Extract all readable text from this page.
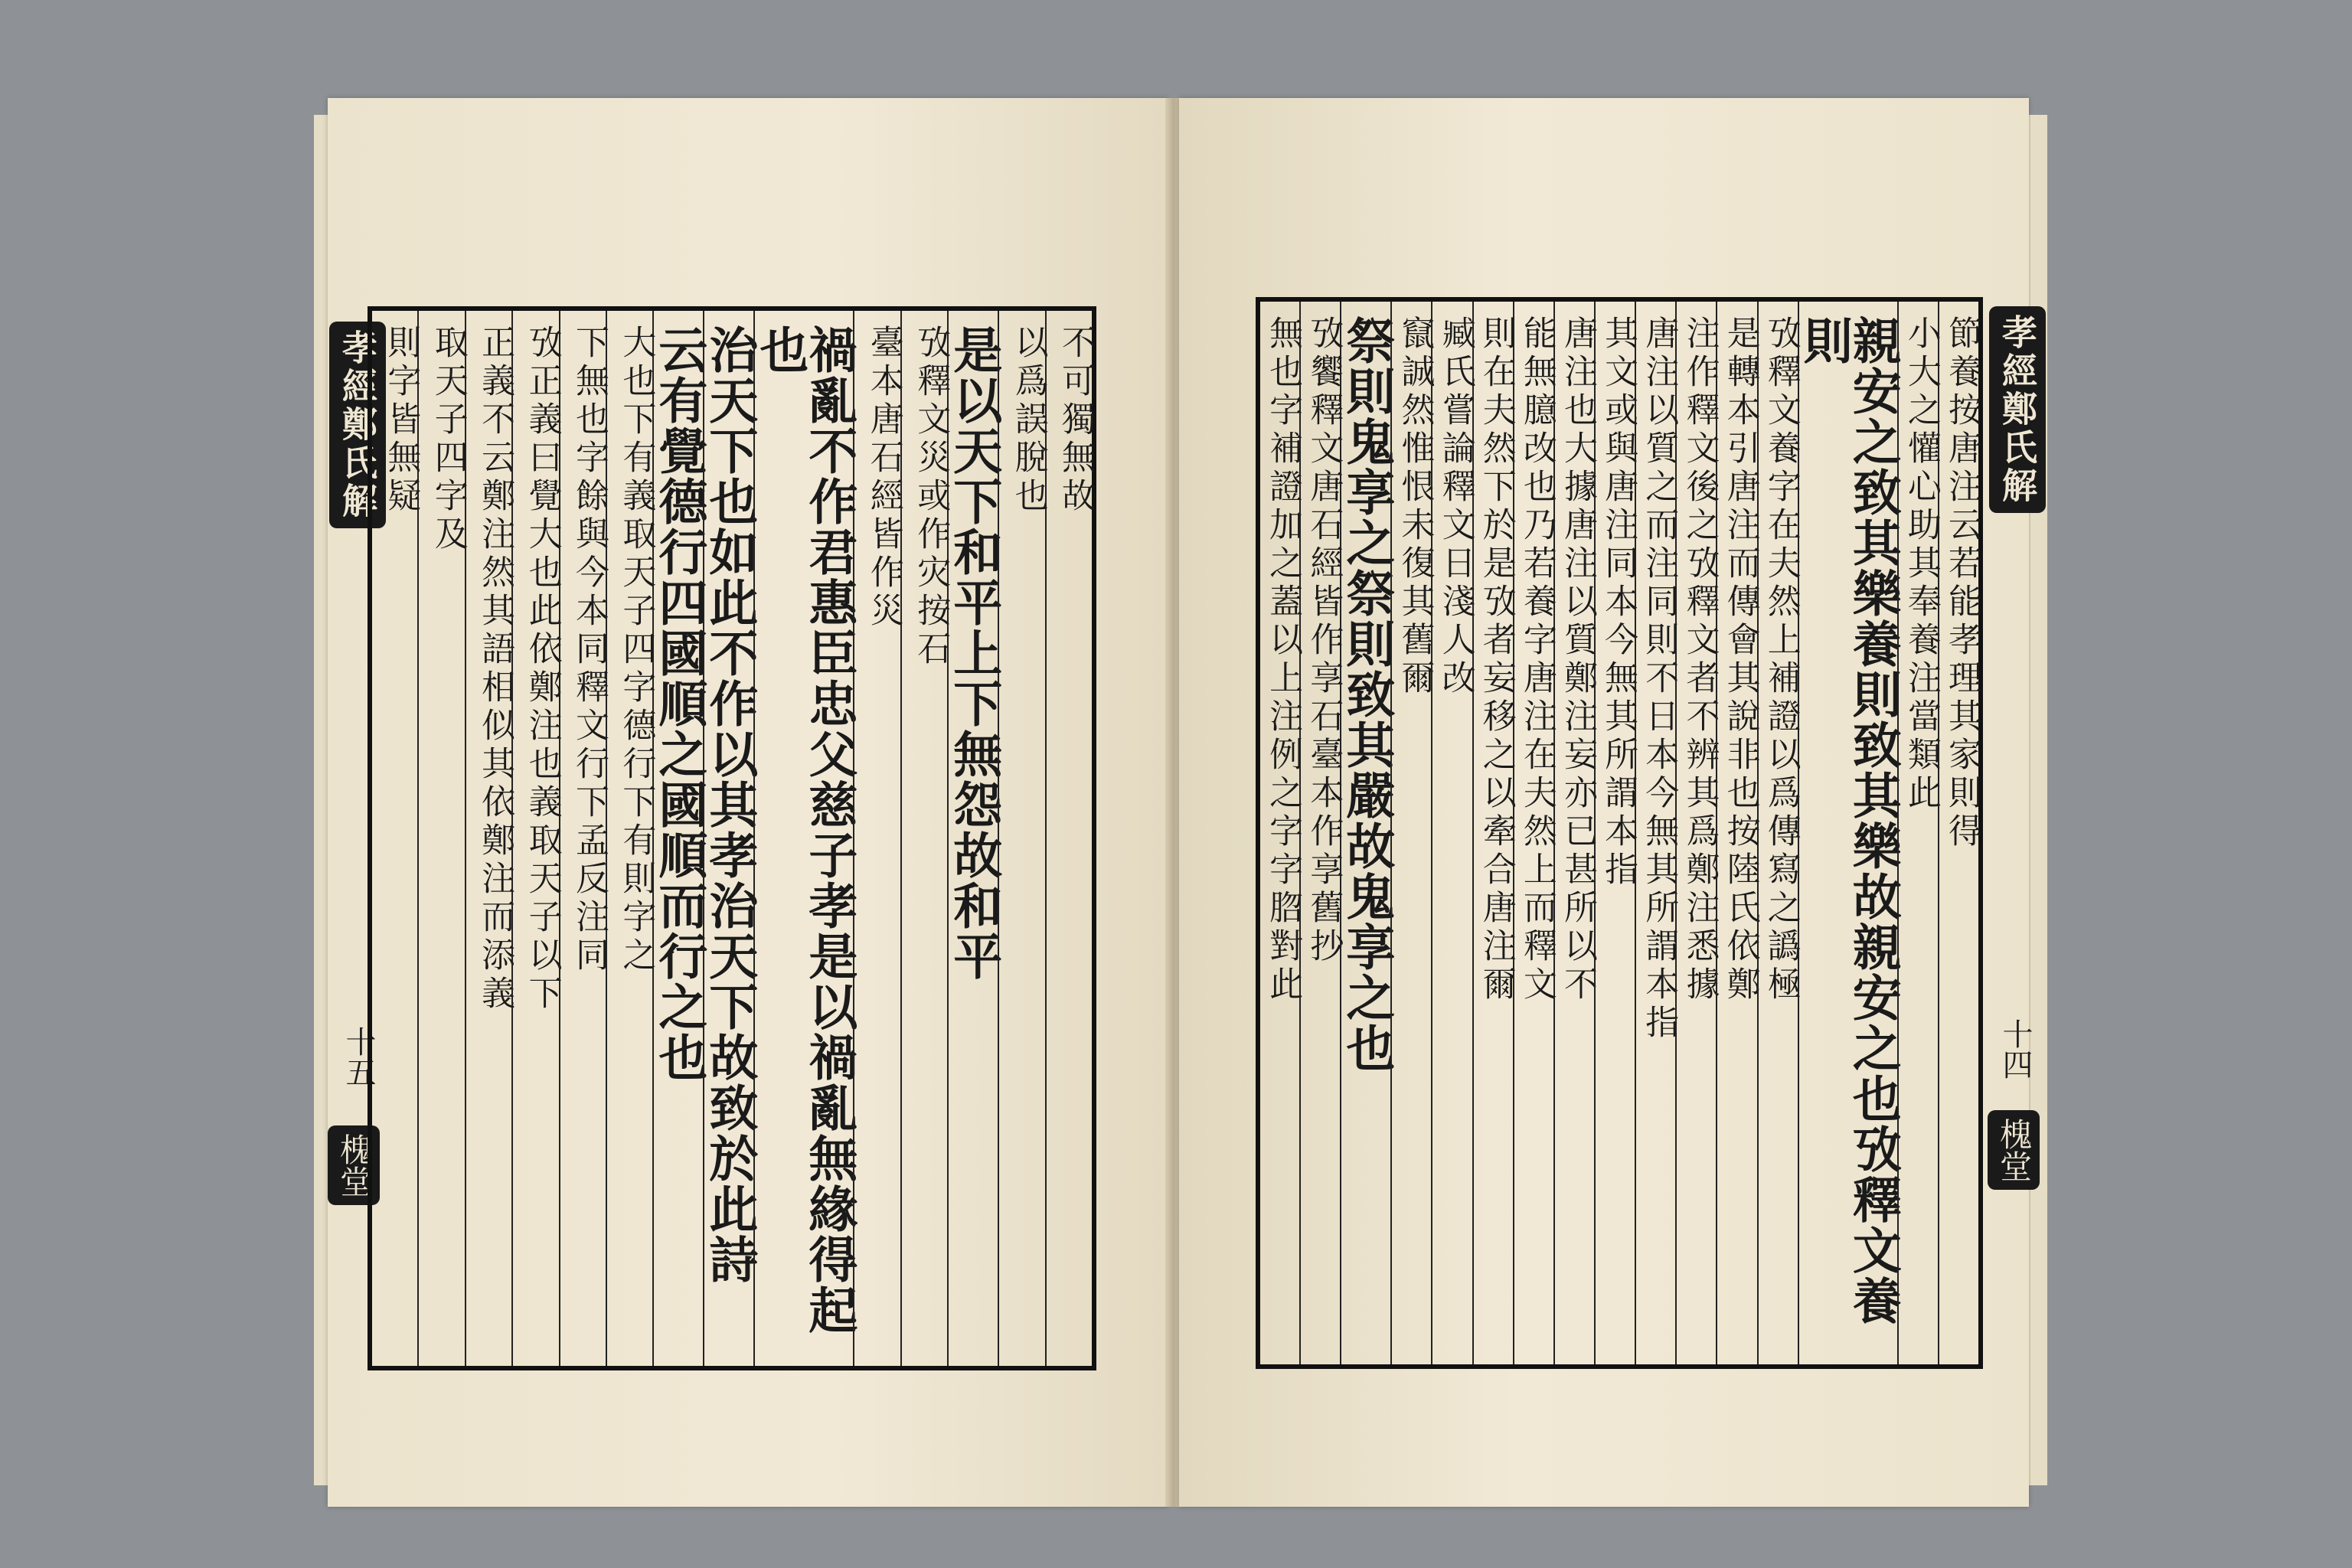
孝經鄭氏解
十五
槐堂
不可獨無故
以爲誤脫也
是以天下和平上下無怨故和平
攷釋文災或作灾按石
臺本唐石經皆作災
禍亂不作君惠臣忠父慈子孝是以禍亂無緣得起也
治天下也如此不作以其孝治天下故致於此詩
云有覺德行四國順之國順而行之也
大也下有義取天子四字德行下有則字之
下無也字餘與今本同釋文行下孟反注同
攷正義曰覺大也此依鄭注也義取天子以下
正義不云鄭注然其語相似其依鄭注而添義
取天子四字及
則字皆無疑	孝經鄭氏解
十四
槐堂
節養按唐注云若能孝理其家則得
小大之懽心助其奉養注當類此
親安之致其樂養則致其樂故親安之也攷釋文養則
攷釋文養字在夫然上補證以爲傳寫之譌極
是轉本引唐注而傳會其說非也按陸氏依鄭
注作釋文後之攷釋文者不辨其爲鄭注悉據
唐注以質之而注同則不日本今無其所謂本指
其文或與唐注同本今無其所謂本指
唐注也大據唐注以質鄭注妄亦已甚所以不
能無臆改也乃若養字唐注在夫然上而釋文
則在夫然下於是攷者妄移之以牽合唐注爾
臧氏嘗論釋文日淺人改
竄誠然惟恨未復其舊爾
祭則鬼享之祭則致其嚴故鬼享之也
攷饗釋文唐石經皆作享石臺本作享舊抄
無也字補證加之蓋以上注例之字字脗對此
